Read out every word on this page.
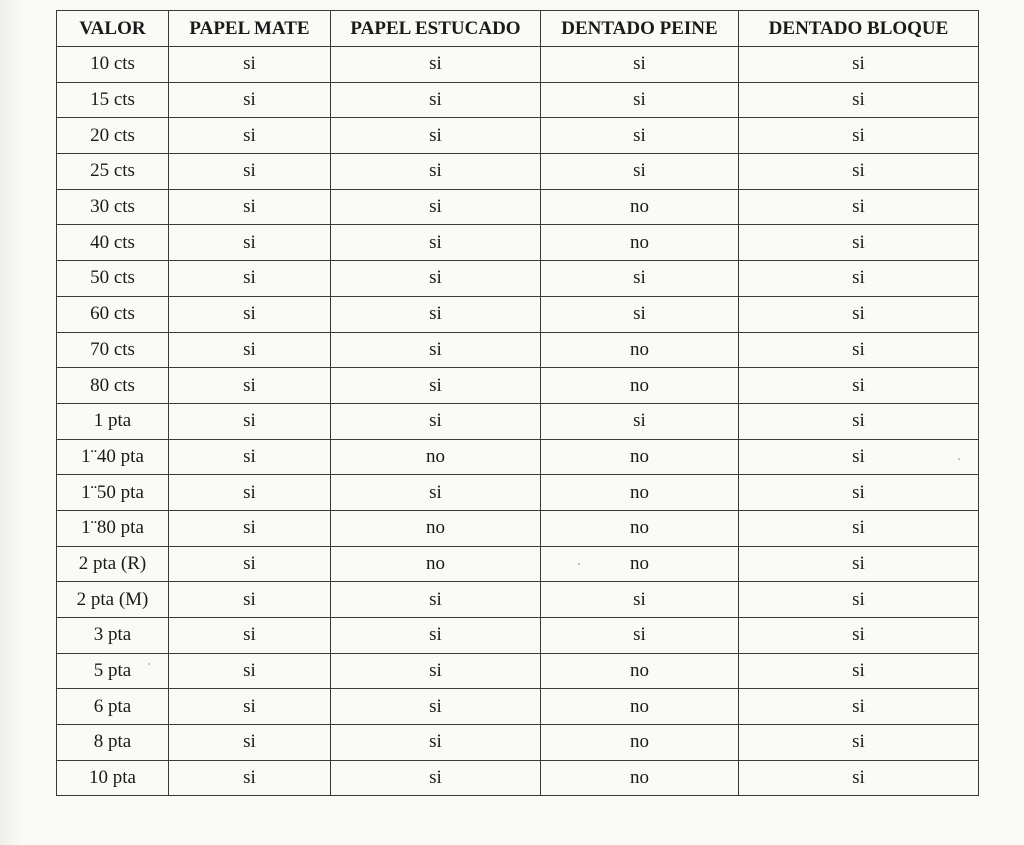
VALOR	PAPEL MATE	PAPEL ESTUCADO	DENTADO PEINE	DENTADO BLOQUE
10 cts	si	si	si	si
15 cts	si	si	si	si
20 cts	si	si	si	si
25 cts	si	si	si	si
30 cts	si	si	no	si
40 cts	si	si	no	si
50 cts	si	si	si	si
60 cts	si	si	si	si
70 cts	si	si	no	si
80 cts	si	si	no	si
1 pta	si	si	si	si
1¨40 pta	si	no	no	si
1¨50 pta	si	si	no	si
1¨80 pta	si	no	no	si
2 pta (R)	si	no	no	si
2 pta (M)	si	si	si	si
3 pta	si	si	si	si
5 pta	si	si	no	si
6 pta	si	si	no	si
8 pta	si	si	no	si
10 pta	si	si	no	si
